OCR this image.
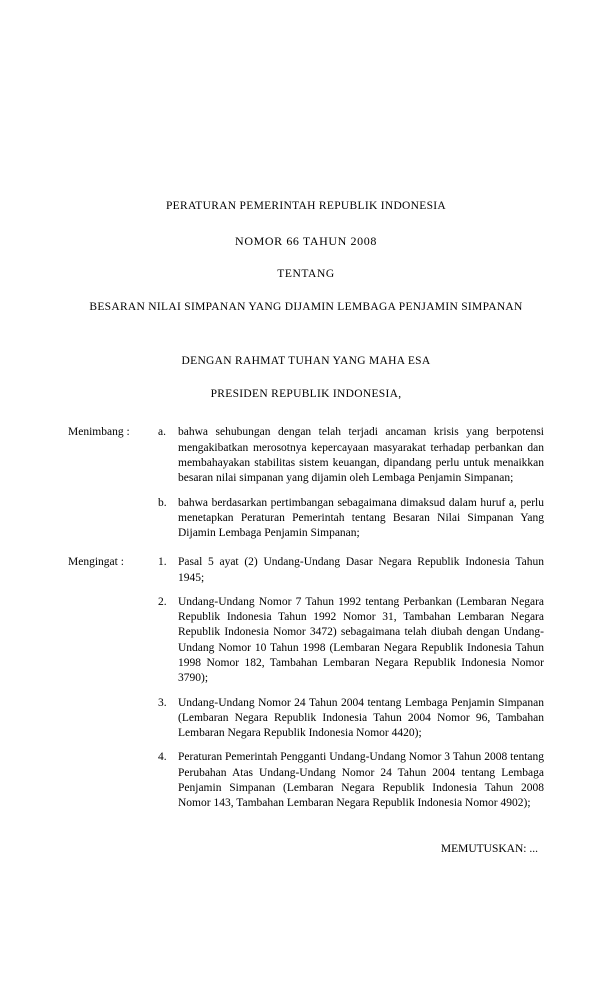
PERATURAN PEMERINTAH REPUBLIK INDONESIA
NOMOR 66 TAHUN 2008
TENTANG
BESARAN NILAI SIMPANAN YANG DIJAMIN LEMBAGA PENJAMIN SIMPANAN
DENGAN RAHMAT TUHAN YANG MAHA ESA
PRESIDEN REPUBLIK INDONESIA,
Menimbang :	a.	bahwa sehubungan dengan telah terjadi ancaman krisis yang berpotensi mengakibatkan merosotnya kepercayaan masyarakat terhadap perbankan dan membahayakan stabilitas sistem keuangan, dipandang perlu untuk menaikkan besaran nilai simpanan yang dijamin oleh Lembaga Penjamin Simpanan;
b. bahwa berdasarkan pertimbangan sebagaimana dimaksud dalam huruf a, perlu menetapkan Peraturan Pemerintah tentang Besaran Nilai Simpanan Yang Dijamin Lembaga Penjamin Simpanan;
Mengingat :	1. Pasal 5 ayat (2) Undang-Undang Dasar Negara Republik Indonesia Tahun 1945;
2. Undang-Undang Nomor 7 Tahun 1992 tentang Perbankan (Lembaran Negara Republik Indonesia Tahun 1992 Nomor 31, Tambahan Lembaran Negara Republik Indonesia Nomor 3472) sebagaimana telah diubah dengan Undang-Undang Nomor 10 Tahun 1998 (Lembaran Negara Republik Indonesia Tahun 1998 Nomor 182, Tambahan Lembaran Negara Republik Indonesia Nomor 3790);
3. Undang-Undang Nomor 24 Tahun 2004 tentang Lembaga Penjamin Simpanan (Lembaran Negara Republik Indonesia Tahun 2004 Nomor 96, Tambahan Lembaran Negara Republik Indonesia Nomor 4420);
4. Peraturan Pemerintah Pengganti Undang-Undang Nomor 3 Tahun 2008 tentang Perubahan Atas Undang-Undang Nomor 24 Tahun 2004 tentang Lembaga Penjamin Simpanan (Lembaran Negara Republik Indonesia Tahun 2008 Nomor 143, Tambahan Lembaran Negara Republik Indonesia Nomor 4902);
MEMUTUSKAN: ...
